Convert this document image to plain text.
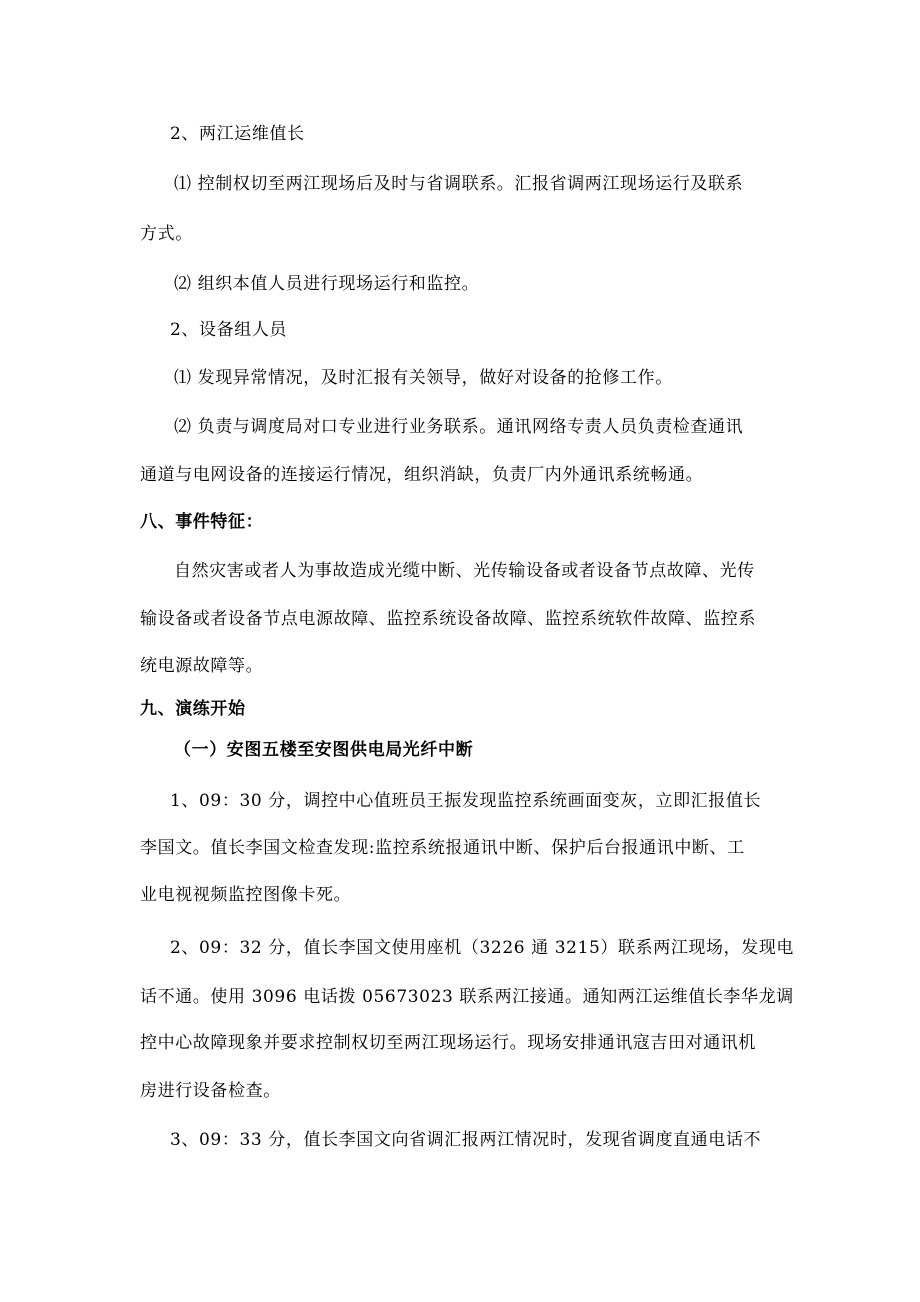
2、两江运维值长
⑴ 控制权切至两江现场后及时与省调联系。汇报省调两江现场运行及联系
方式。
⑵ 组织本值人员进行现场运行和监控。
2、设备组人员
⑴ 发现异常情况，及时汇报有关领导，做好对设备的抢修工作。
⑵ 负责与调度局对口专业进行业务联系。通讯网络专责人员负责检查通讯
通道与电网设备的连接运行情况，组织消缺，负责厂内外通讯系统畅通。
八、事件特征：
自然灾害或者人为事故造成光缆中断、光传输设备或者设备节点故障、光传
输设备或者设备节点电源故障、监控系统设备故障、监控系统软件故障、监控系
统电源故障等。
九、演练开始
（一）安图五楼至安图供电局光纤中断
1、09：30 分，调控中心值班员王振发现监控系统画面变灰，立即汇报值长
李国文。值长李国文检查发现:监控系统报通讯中断、保护后台报通讯中断、工
业电视视频监控图像卡死。
2、09：32 分，值长李国文使用座机（3226 通 3215）联系两江现场，发现电
话不通。使用 3096 电话拨 05673023 联系两江接通。通知两江运维值长李华龙调
控中心故障现象并要求控制权切至两江现场运行。现场安排通讯寇吉田对通讯机
房进行设备检查。
3、09：33 分，值长李国文向省调汇报两江情况时，发现省调度直通电话不
